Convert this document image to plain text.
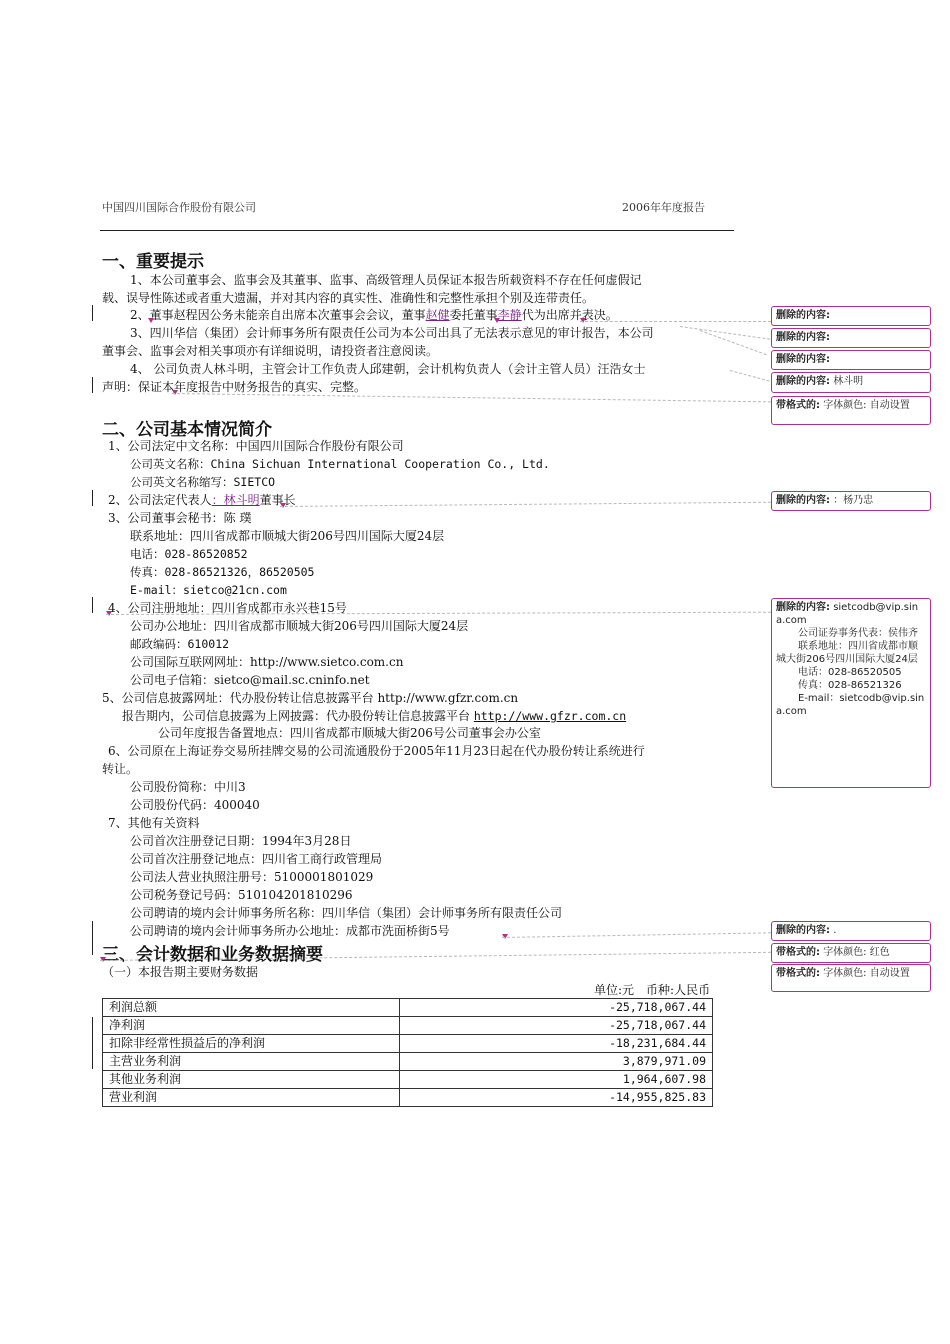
中国四川国际合作股份有限公司	2006年年度报告
一、重要提示
1、本公司董事会、监事会及其董事、监事、高级管理人员保证本报告所载资料不存在任何虚假记
载、误导性陈述或者重大遗漏，并对其内容的真实性、准确性和完整性承担个别及连带责任。
2、董事赵程因公务未能亲自出席本次董事会会议，董事赵健委托董事李静代为出席并表决。
3、四川华信（集团）会计师事务所有限责任公司为本公司出具了无法表示意见的审计报告，本公司
董事会、监事会对相关事项亦有详细说明，请投资者注意阅读。
4、 公司负责人林斗明，主管会计工作负责人邱建朝，会计机构负责人（会计主管人员）汪浩女士
声明：保证本年度报告中财务报告的真实、完整。
二、公司基本情况简介
1、公司法定中文名称：中国四川国际合作股份有限公司
公司英文名称：China Sichuan International Cooperation Co., Ltd.
公司英文名称缩写：SIETCO
2、公司法定代表人：林斗明董事长
3、公司董事会秘书：陈 璞
联系地址：四川省成都市顺城大街206号四川国际大厦24层
电话：028-86520852
传真：028-86521326，86520505
E-mail：sietco@21cn.com
4、公司注册地址：四川省成都市永兴巷15号
公司办公地址：四川省成都市顺城大街206号四川国际大厦24层
邮政编码：610012
公司国际互联网网址：http://www.sietco.com.cn
公司电子信箱：sietco@mail.sc.cninfo.net
5、公司信息披露网址：代办股份转让信息披露平台 http://www.gfzr.com.cn
报告期内，公司信息披露为上网披露：代办股份转让信息披露平台 http://www.gfzr.com.cn
公司年度报告备置地点：四川省成都市顺城大街206号公司董事会办公室
6、公司原在上海证券交易所挂牌交易的公司流通股份于2005年11月23日起在代办股份转让系统进行
转让。
公司股份简称：中川3
公司股份代码：400040
7、其他有关资料
公司首次注册登记日期：1994年3月28日
公司首次注册登记地点：四川省工商行政管理局
公司法人营业执照注册号：5100001801029
公司税务登记号码：510104201810296
公司聘请的境内会计师事务所名称：四川华信（集团）会计师事务所有限责任公司
公司聘请的境内会计师事务所办公地址：成都市洗面桥街5号
三、会计数据和业务数据摘要
（一）本报告期主要财务数据
单位:元　币种:人民币
利润总额	-25,718,067.44
净利润	-25,718,067.44
扣除非经常性损益后的净利润	-18,231,684.44
主营业务利润	3,879,971.09
其他业务利润	1,964,607.98
营业利润	-14,955,825.83
删除的内容:
删除的内容:
删除的内容:
删除的内容: 林斗明
带格式的: 字体颜色: 自动设置
删除的内容: ：杨乃忠
删除的内容: sietcodb@vip.sina.com
公司证券事务代表：侯伟齐
联系地址：四川省成都市顺城大街206号四川国际大厦24层
电话：028-86520505
传真：028-86521326
E-mail：sietcodb@vip.sina.com
删除的内容: .
带格式的: 字体颜色: 红色
带格式的: 字体颜色: 自动设置
